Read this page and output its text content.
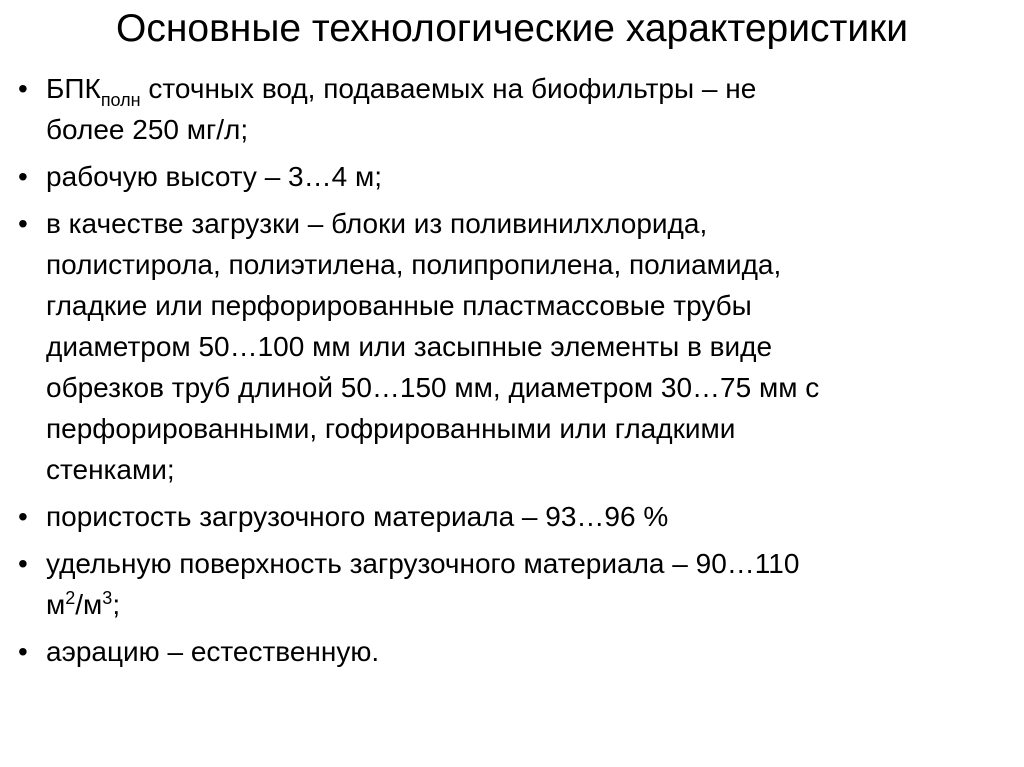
Основные технологические характеристики
• $БПК_{полн}$ сточных вод, подаваемых на биофильтры – не
более 250 мг/л;
• рабочую высоту – 3…4 м;
• в качестве загрузки – блоки из поливинилхлорида,
полистирола, полиэтилена, полипропилена, полиамида,
гладкие или перфорированные пластмассовые трубы
диаметром 50…100 мм или засыпные элементы в виде
обрезков труб длиной 50…150 мм, диаметром 30…75 мм с
перфорированными, гофрированными или гладкими
стенками;
• пористость загрузочного материала – 93…96 %
• удельную поверхность загрузочного материала – 90…110
$м^2/м^3$;
• аэрацию – естественную.
